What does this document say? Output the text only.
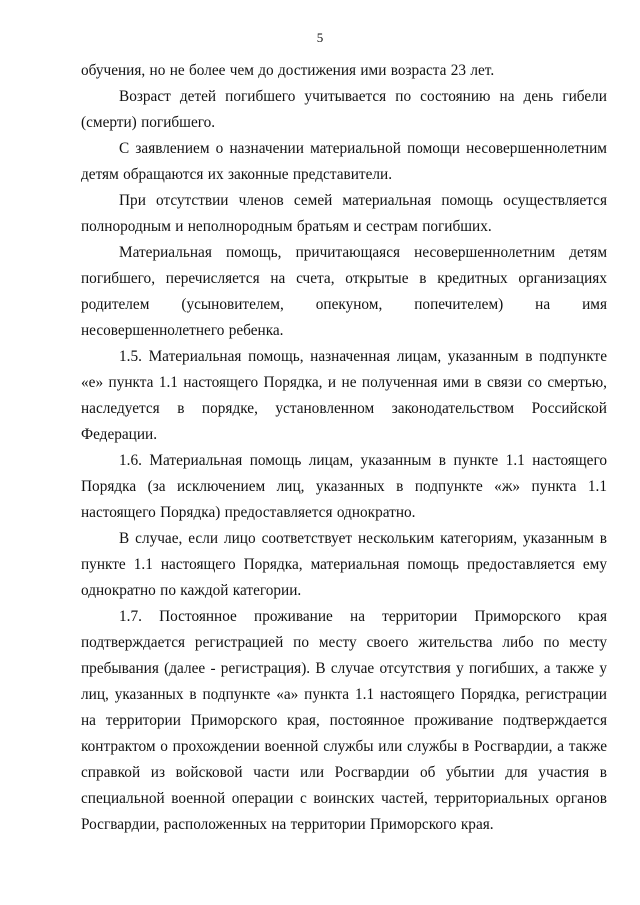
5

обучения, но не более чем до достижения ими возраста 23 лет.

Возраст детей погибшего учитывается по состоянию на день гибели (смерти) погибшего.

С заявлением о назначении материальной помощи несовершеннолетним детям обращаются их законные представители.

При отсутствии членов семей материальная помощь осуществляется полнородным и неполнородным братьям и сестрам погибших.

Материальная помощь, причитающаяся несовершеннолетним детям погибшего, перечисляется на счета, открытые в кредитных организациях родителем (усыновителем, опекуном, попечителем) на имя несовершеннолетнего ребенка.

1.5. Материальная помощь, назначенная лицам, указанным в подпункте «е» пункта 1.1 настоящего Порядка, и не полученная ими в связи со смертью, наследуется в порядке, установленном законодательством Российской Федерации.

1.6. Материальная помощь лицам, указанным в пункте 1.1 настоящего Порядка (за исключением лиц, указанных в подпункте «ж» пункта 1.1 настоящего Порядка) предоставляется однократно.

В случае, если лицо соответствует нескольким категориям, указанным в пункте 1.1 настоящего Порядка, материальная помощь предоставляется ему однократно по каждой категории.

1.7. Постоянное проживание на территории Приморского края подтверждается регистрацией по месту своего жительства либо по месту пребывания (далее - регистрация). В случае отсутствия у погибших, а также у лиц, указанных в подпункте «а» пункта 1.1 настоящего Порядка, регистрации на территории Приморского края, постоянное проживание подтверждается контрактом о прохождении военной службы или службы в Росгвардии, а также справкой из войсковой части или Росгвардии об убытии для участия в специальной военной операции с воинских частей, территориальных органов Росгвардии, расположенных на территории Приморского края.
